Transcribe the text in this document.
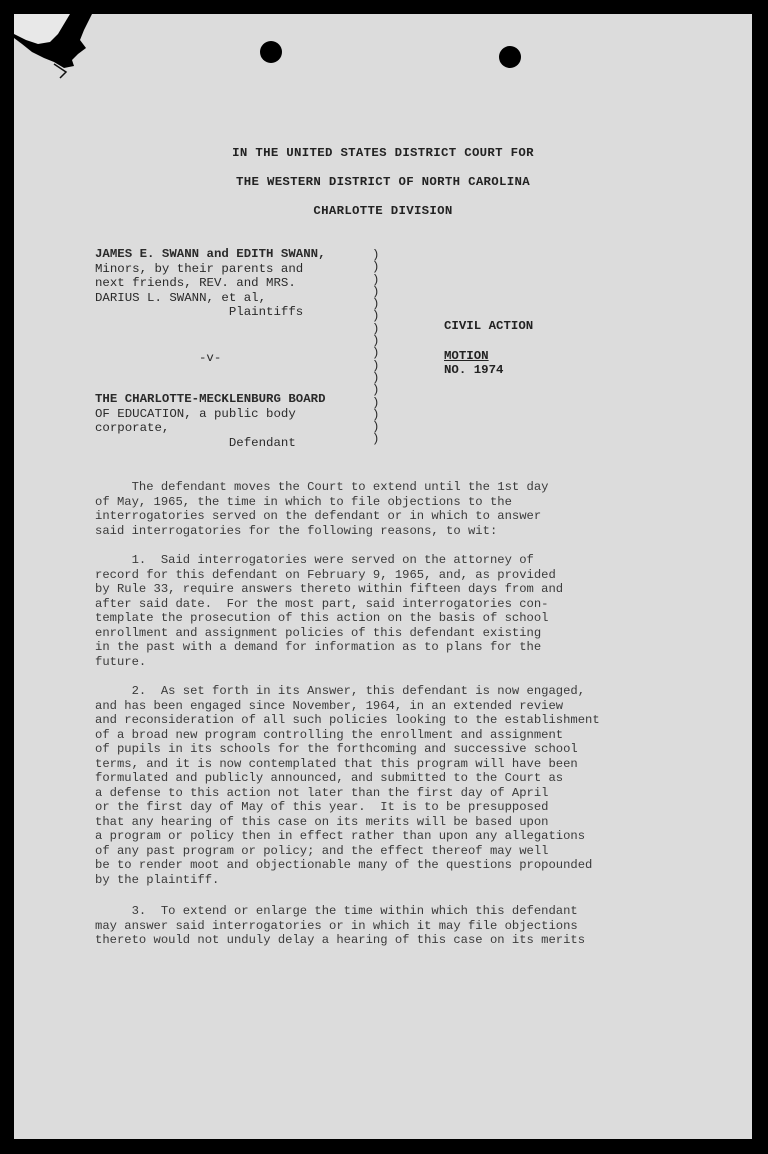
IN THE UNITED STATES DISTRICT COURT FOR
THE WESTERN DISTRICT OF NORTH CAROLINA
CHARLOTTE DIVISION
JAMES E. SWANN and EDITH SWANN,
Minors, by their parents and
next friends, REV. and MRS.
DARIUS L. SWANN, et al,
Plaintiffs
-v-
THE CHARLOTTE-MECKLENBURG BOARD
OF EDUCATION, a public body
corporate,
Defendant
)
)
)
)
)
)
)
)
)
)
)
)
)
)
)
)

CIVIL ACTION

NO. 1974

MOTION
The defendant moves the Court to extend until the 1st day
of May, 1965, the time in which to file objections to the
interrogatories served on the defendant or in which to answer
said interrogatories for the following reasons, to wit:
1.  Said interrogatories were served on the attorney of
record for this defendant on February 9, 1965, and, as provided
by Rule 33, require answers thereto within fifteen days from and
after said date.  For the most part, said interrogatories con-
template the prosecution of this action on the basis of school
enrollment and assignment policies of this defendant existing
in the past with a demand for information as to plans for the
future.
2.  As set forth in its Answer, this defendant is now engaged,
and has been engaged since November, 1964, in an extended review
and reconsideration of all such policies looking to the establishment
of a broad new program controlling the enrollment and assignment
of pupils in its schools for the forthcoming and successive school
terms, and it is now contemplated that this program will have been
formulated and publicly announced, and submitted to the Court as
a defense to this action not later than the first day of April
or the first day of May of this year.  It is to be presupposed
that any hearing of this case on its merits will be based upon
a program or policy then in effect rather than upon any allegations
of any past program or policy; and the effect thereof may well
be to render moot and objectionable many of the questions propounded
by the plaintiff.
3.  To extend or enlarge the time within which this defendant
may answer said interrogatories or in which it may file objections
thereto would not unduly delay a hearing of this case on its merits
